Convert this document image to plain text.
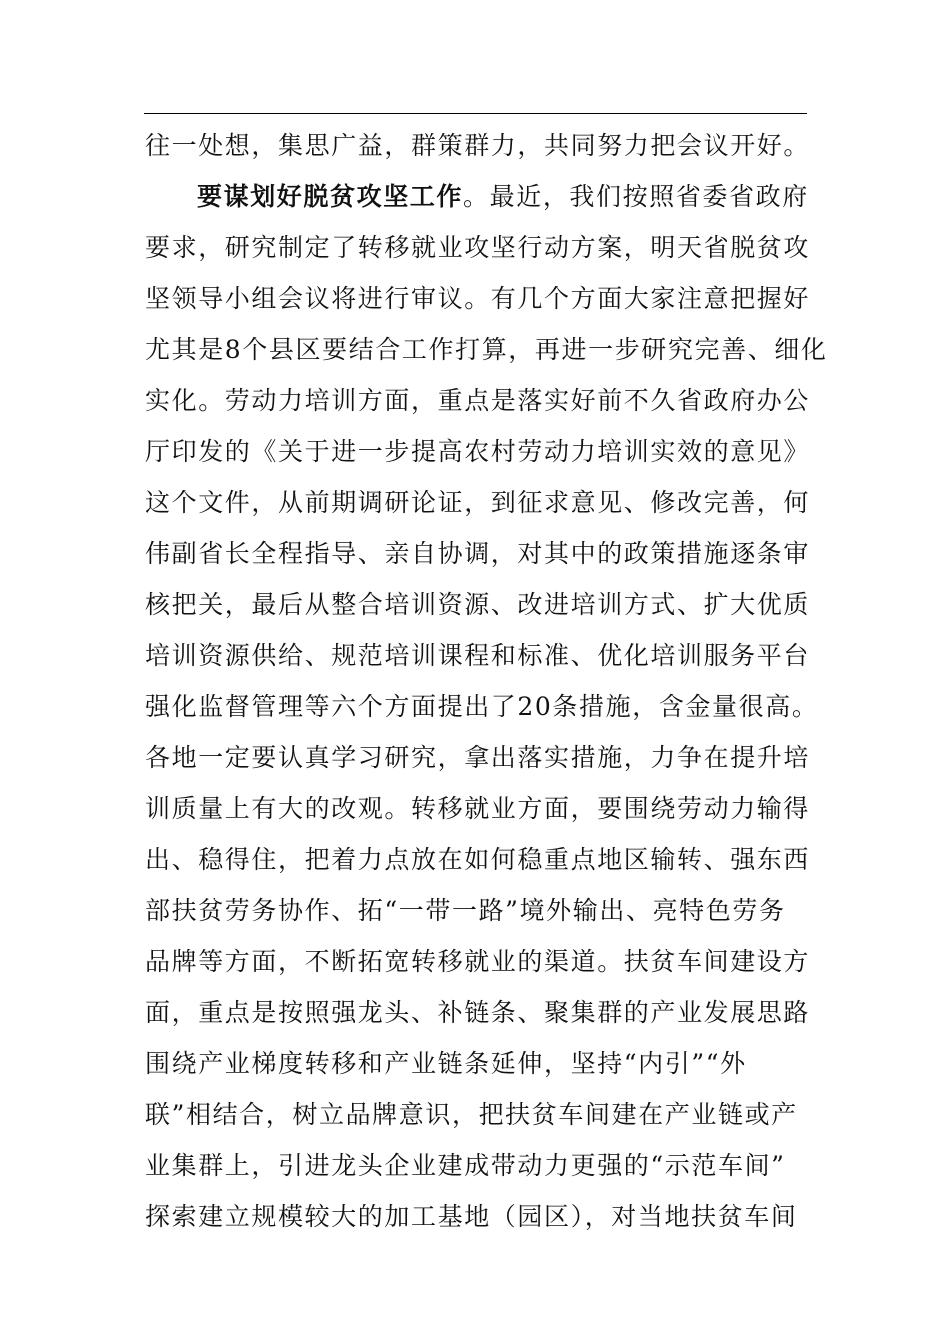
往一处想，集思广益，群策群力，共同努力把会议开好。
要谋划好脱贫攻坚工作。最近，我们按照省委省政府
要求，研究制定了转移就业攻坚行动方案，明天省脱贫攻
坚领导小组会议将进行审议。有几个方面大家注意把握好
尤其是8个县区要结合工作打算，再进一步研究完善、细化
实化。劳动力培训方面，重点是落实好前不久省政府办公
厅印发的《关于进一步提高农村劳动力培训实效的意见》
这个文件，从前期调研论证，到征求意见、修改完善，何
伟副省长全程指导、亲自协调，对其中的政策措施逐条审
核把关，最后从整合培训资源、改进培训方式、扩大优质
培训资源供给、规范培训课程和标准、优化培训服务平台
强化监督管理等六个方面提出了20条措施，含金量很高。
各地一定要认真学习研究，拿出落实措施，力争在提升培
训质量上有大的改观。转移就业方面，要围绕劳动力输得
出、稳得住，把着力点放在如何稳重点地区输转、强东西
部扶贫劳务协作、拓“一带一路”境外输出、亮特色劳务
品牌等方面，不断拓宽转移就业的渠道。扶贫车间建设方
面，重点是按照强龙头、补链条、聚集群的产业发展思路
围绕产业梯度转移和产业链条延伸，坚持“内引”“外
联”相结合，树立品牌意识，把扶贫车间建在产业链或产
业集群上，引进龙头企业建成带动力更强的“示范车间”
探索建立规模较大的加工基地（园区），对当地扶贫车间
